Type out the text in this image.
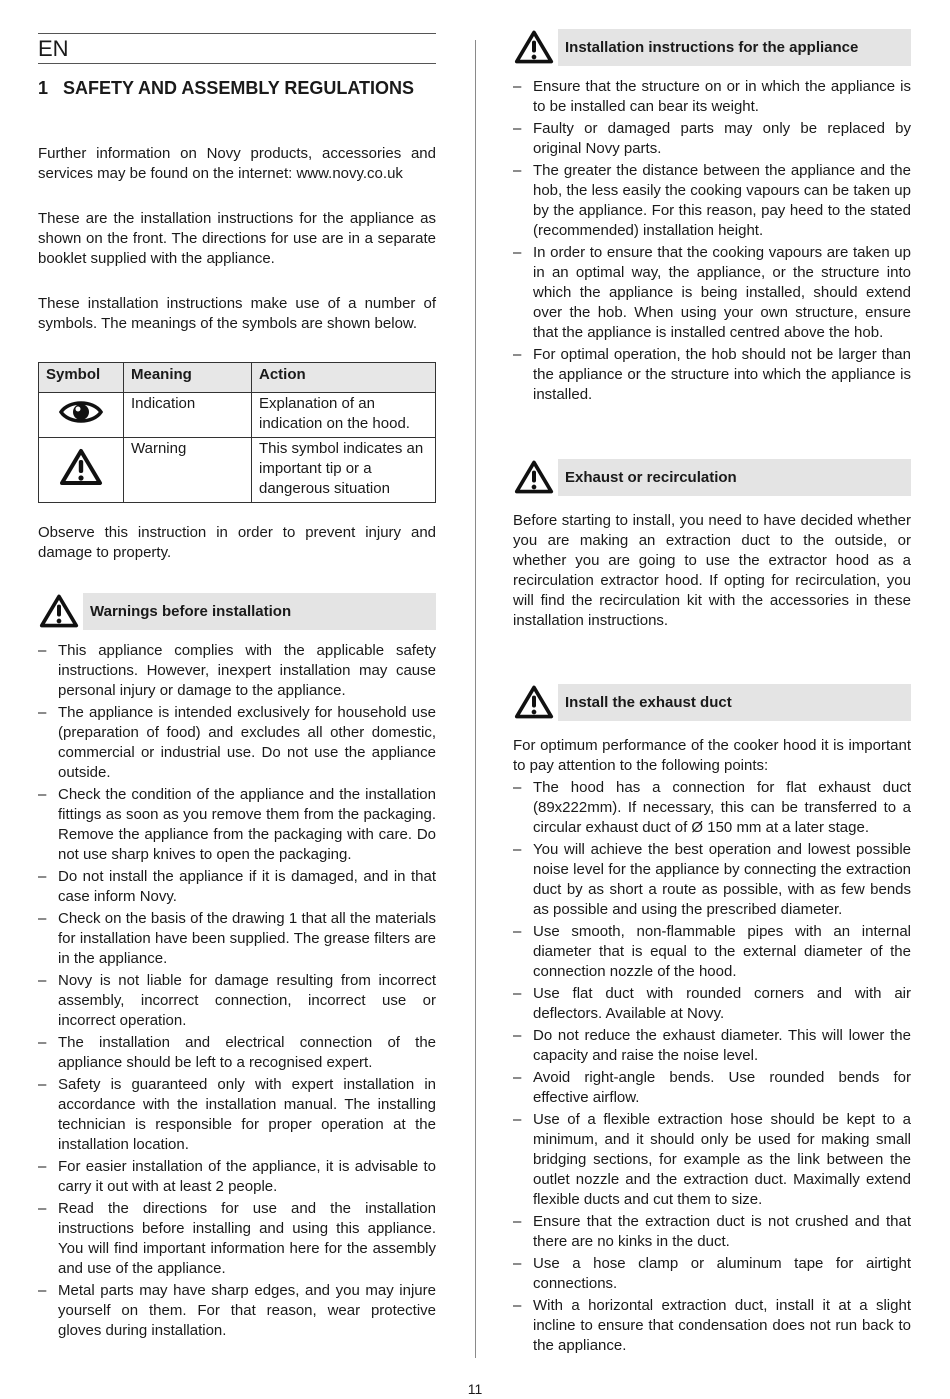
EN
1 SAFETY AND ASSEMBLY REGULATIONS

Further information on Novy products, accessories and services may be found on the internet: www.novy.co.uk

These are the installation instructions for the appliance as shown on the front. The directions for use are in a separate booklet supplied with the appliance.

These installation instructions make use of a number of symbols. The meanings of the symbols are shown below.

Symbol	Meaning	Action
	Indication	Explanation of an indication on the hood.
	Warning	This symbol indicates an important tip or a dangerous situation

Observe this instruction in order to prevent injury and damage to property.

Warnings before installation
– This appliance complies with the applicable safety instructions. However, inexpert installation may cause personal injury or damage to the appliance.
– The appliance is intended exclusively for household use (preparation of food) and excludes all other domestic, commercial or industrial use. Do not use the appliance outside.
– Check the condition of the appliance and the installation fittings as soon as you remove them from the packaging. Remove the appliance from the packaging with care. Do not use sharp knives to open the packaging.
– Do not install the appliance if it is damaged, and in that case inform Novy.
– Check on the basis of the drawing 1 that all the materials for installation have been supplied. The grease filters are in the appliance.
– Novy is not liable for damage resulting from incorrect assembly, incorrect connection, incorrect use or incorrect operation.
– The installation and electrical connection of the appliance should be left to a recognised expert.
– Safety is guaranteed only with expert installation in accordance with the installation manual. The installing technician is responsible for proper operation at the installation location.
– For easier installation of the appliance, it is advisable to carry it out with at least 2 people.
– Read the directions for use and the installation instructions before installing and using this appliance. You will find important information here for the assembly and use of the appliance.
– Metal parts may have sharp edges, and you may injure yourself on them. For that reason, wear protective gloves during installation.
Installation instructions for the appliance
– Ensure that the structure on or in which the appliance is to be installed can bear its weight.
– Faulty or damaged parts may only be replaced by original Novy parts.
– The greater the distance between the appliance and the hob, the less easily the cooking vapours can be taken up by the appliance. For this reason, pay heed to the stated (recommended) installation height.
– In order to ensure that the cooking vapours are taken up in an optimal way, the appliance, or the structure into which the appliance is being installed, should extend over the hob. When using your own structure, ensure that the appliance is installed centred above the hob.
– For optimal operation, the hob should not be larger than the appliance or the structure into which the appliance is installed.
Exhaust or recirculation

Before starting to install, you need to have decided whether you are making an extraction duct to the outside, or whether you are going to use the extractor hood as a recirculation extractor hood. If opting for recirculation, you will find the recirculation kit with the accessories in these installation instructions.

Install the exhaust duct

For optimum performance of the cooker hood it is important to pay attention to the following points:

– The hood has a connection for flat exhaust duct (89x222mm). If necessary, this can be transferred to a circular exhaust duct of Ø 150 mm at a later stage.
– You will achieve the best operation and lowest possible noise level for the appliance by connecting the extraction duct by as short a route as possible, with as few bends as possible and using the prescribed diameter.
– Use smooth, non-flammable pipes with an internal diameter that is equal to the external diameter of the connection nozzle of the hood.
– Use flat duct with rounded corners and with air deflectors. Available at Novy.
– Do not reduce the exhaust diameter. This will lower the capacity and raise the noise level.
– Avoid right-angle bends. Use rounded bends for effective airflow.
– Use of a flexible extraction hose should be kept to a minimum, and it should only be used for making small bridging sections, for example as the link between the outlet nozzle and the extraction duct. Maximally extend flexible ducts and cut them to size.
– Ensure that the extraction duct is not crushed and that there are no kinks in the duct.
– Use a hose clamp or aluminum tape for airtight connections.
– With a horizontal extraction duct, install it at a slight incline to ensure that condensation does not run back to the appliance.
11
